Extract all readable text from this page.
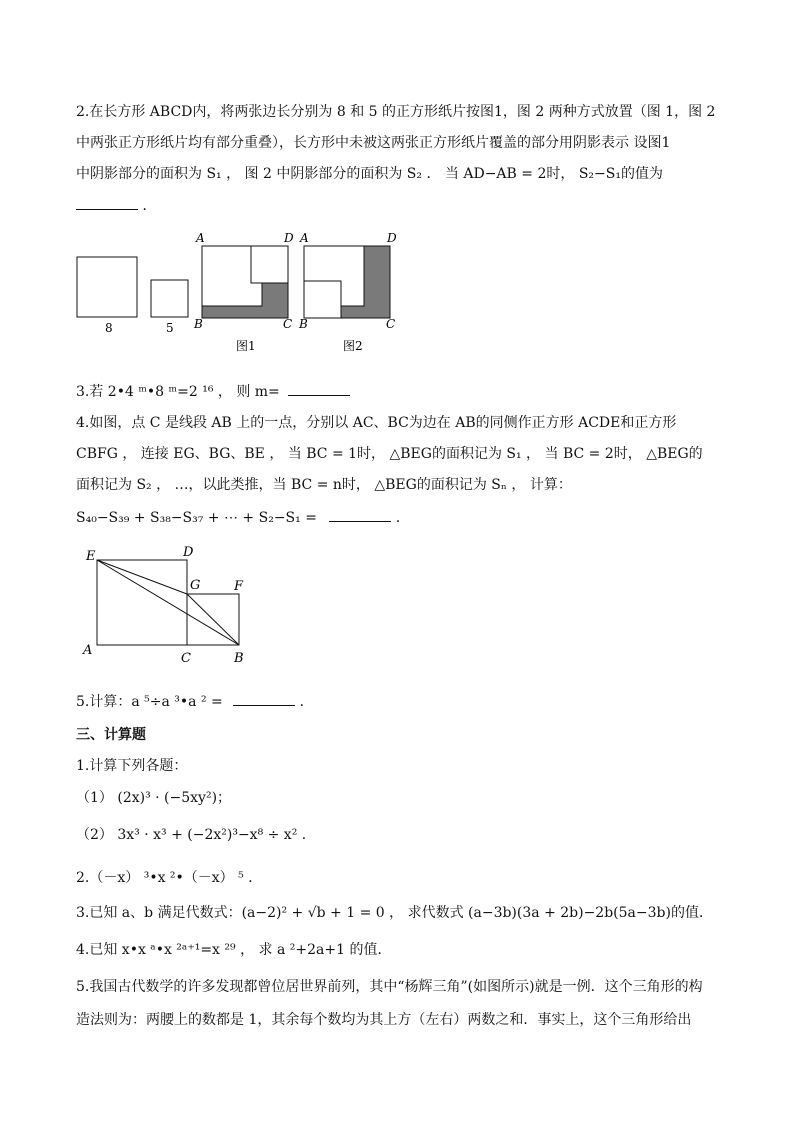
2.在长方形 ABCD内，将两张边长分别为 8 和 5 的正方形纸片按图1，图 2 两种方式放置（图 1，图 2
中两张正方形纸片均有部分重叠），长方形中未被这两张正方形纸片覆盖的部分用阴影表示 设图1
中阴影部分的面积为 S₁ ， 图 2 中阴影部分的面积为 S₂ ． 当 AD−AB = 2时， S₂−S₁的值为
．
8	5
A	D
B	C
图1
A	D
B	C
图2
3.若 2•4 ᵐ•8 ᵐ=2 ¹⁶ ， 则 m=
4.如图，点 C 是线段 AB 上的一点，分别以 AC、BC为边在 AB的同侧作正方形 ACDE和正方形
CBFG ， 连接 EG、BG、BE ， 当 BC = 1时， △BEG的面积记为 S₁ ， 当 BC = 2时， △BEG的
面积记为 S₂ ， …，以此类推，当 BC = n时， △BEG的面积记为 Sₙ ， 计算：
S₄₀−S₃₉ + S₃₈−S₃₇ + ⋯ + S₂−S₁ =	．
E	D
G	F
A
C	B
5.计算：a ⁵÷a ³•a ² =	．
三、计算题
1.计算下列各题：
（1） (2x)³ · (−5xy²)；
（2） 3x³ · x³ + (−2x²)³−x⁸ ÷ x² ．
2.（－x） ³•x ²•（－x） ⁵ ．
3.已知 a、b 满足代数式：(a−2)² + √b + 1 = 0 ， 求代数式 (a−3b)(3a + 2b)−2b(5a−3b)的值．
4.已知 x•x ᵃ•x ²ᵃ⁺¹=x ²⁹ ， 求 a ²+2a+1 的值．
5.我国古代数学的许多发现都曾位居世界前列，其中“杨辉三角”(如图所示)就是一例．这个三角形的构
造法则为：两腰上的数都是 1，其余每个数均为其上方（左右）两数之和．事实上，这个三角形给出
